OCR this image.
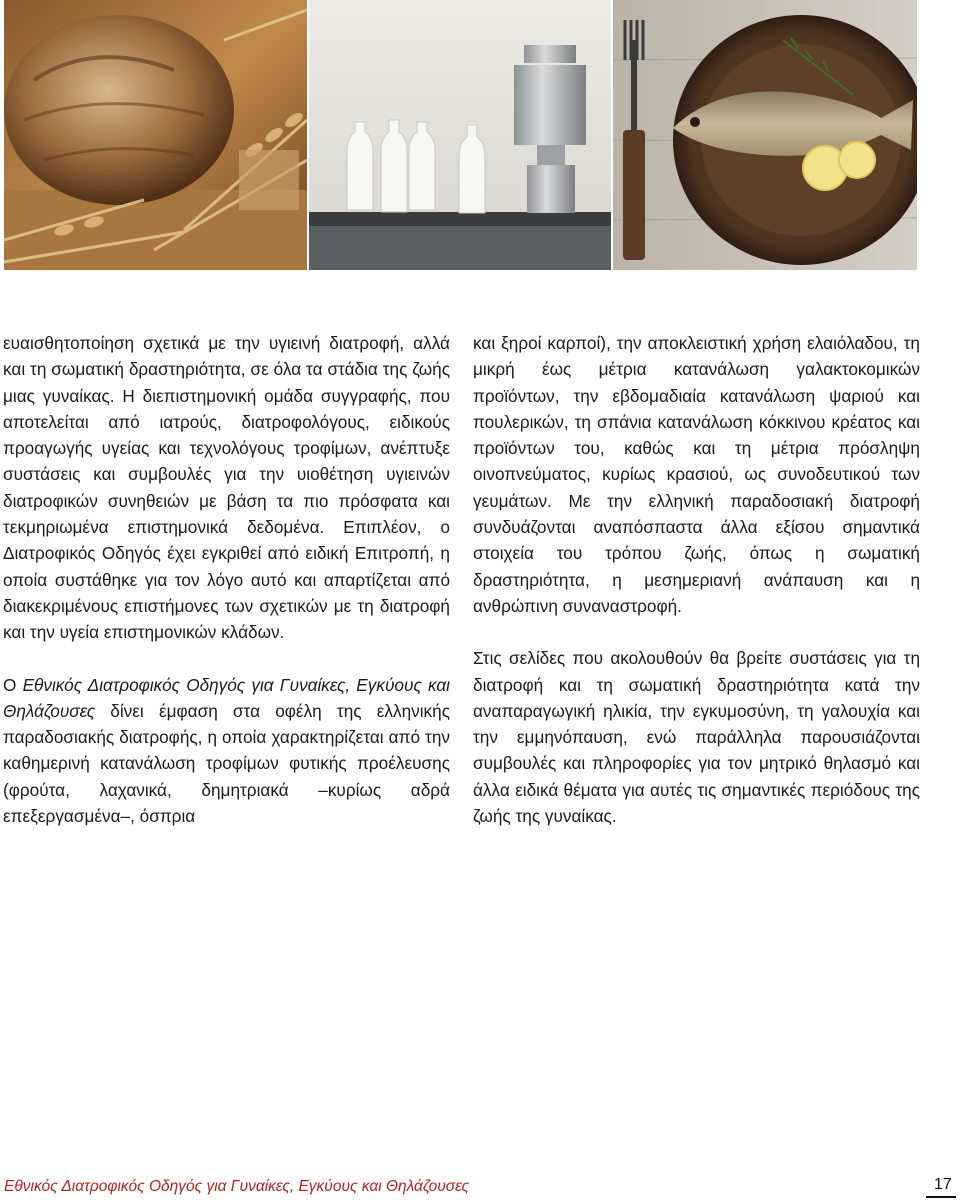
ευαισθητοποίηση σχετικά με την υγιεινή διατροφή, αλλά και τη σωματική δραστηριότητα, σε όλα τα στάδια της ζωής μιας γυναίκας. Η διεπιστημονική ομάδα συγγραφής, που αποτελείται από ιατρούς, διατροφολόγους, ειδικούς προαγωγής υγείας και τεχνολόγους τροφίμων, ανέπτυξε συστάσεις και συμβουλές για την υιοθέτηση υγιεινών διατροφικών συνηθειών με βάση τα πιο πρόσφατα και τεκμηριωμένα επιστημονικά δεδομένα. Επιπλέον, ο Διατροφικός Οδηγός έχει εγκριθεί από ειδική Επιτροπή, η οποία συστάθηκε για τον λόγο αυτό και απαρτίζεται από διακεκριμένους επιστήμονες των σχετικών με τη διατροφή και την υγεία επιστημονικών κλάδων.

Ο Εθνικός Διατροφικός Οδηγός για Γυναίκες, Εγκύους και Θηλάζουσες δίνει έμφαση στα οφέλη της ελληνικής παραδοσιακής διατροφής, η οποία χαρακτηρίζεται από την καθημερινή κατανάλωση τροφίμων φυτικής προέλευσης (φρούτα, λαχανικά, δημητριακά –κυρίως αδρά επεξεργασμένα–, όσπρια

και ξηροί καρποί), την αποκλειστική χρήση ελαιόλαδου, τη μικρή έως μέτρια κατανάλωση γαλακτοκομικών προϊόντων, την εβδομαδιαία κατανάλωση ψαριού και πουλερικών, τη σπάνια κατανάλωση κόκκινου κρέατος και προϊόντων του, καθώς και τη μέτρια πρόσληψη οινοπνεύματος, κυρίως κρασιού, ως συνοδευτικού των γευμάτων. Με την ελληνική παραδοσιακή διατροφή συνδυάζονται αναπόσπαστα άλλα εξίσου σημαντικά στοιχεία του τρόπου ζωής, όπως η σωματική δραστηριότητα, η μεσημεριανή ανάπαυση και η ανθρώπινη συναναστροφή.

Στις σελίδες που ακολουθούν θα βρείτε συστάσεις για τη διατροφή και τη σωματική δραστηριότητα κατά την αναπαραγωγική ηλικία, την εγκυμοσύνη, τη γαλουχία και την εμμηνόπαυση, ενώ παράλληλα παρουσιάζονται συμβουλές και πληροφορίες για τον μητρικό θηλασμό και άλλα ειδικά θέματα για αυτές τις σημαντικές περιόδους της ζωής της γυναίκας.

Εθνικός Διατροφικός Οδηγός για Γυναίκες, Εγκύους και Θηλάζουσες	17
